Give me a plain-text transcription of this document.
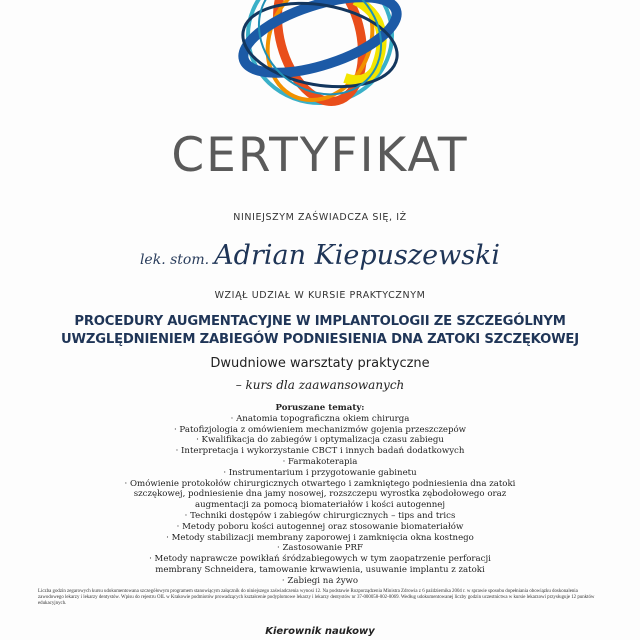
CERTYFIKAT
NINIEJSZYM ZAŚWIADCZA SIĘ, IŻ
lek. stom. Adrian Kiepuszewski
WZIĄŁ UDZIAŁ W KURSIE PRAKTYCZNYM
PROCEDURY AUGMENTACYJNE W IMPLANTOLOGII ZE SZCZEGÓLNYM
UWZGLĘDNIENIEM ZABIEGÓW PODNIESIENIA DNA ZATOKI SZCZĘKOWEJ
Dwudniowe warsztaty praktyczne
– kurs dla zaawansowanych
Poruszane tematy:
· Anatomia topograficzna okiem chirurga
· Patofizjologia z omówieniem mechanizmów gojenia przeszczepów
· Kwalifikacja do zabiegów i optymalizacja czasu zabiegu
· Interpretacja i wykorzystanie CBCT i innych badań dodatkowych
· Farmakoterapia
· Instrumentarium i przygotowanie gabinetu
· Omówienie protokołów chirurgicznych otwartego i zamkniętego podniesienia dna zatoki
szczękowej, podniesienie dna jamy nosowej, rozszczepu wyrostka zębodołowego oraz
augmentacji za pomocą biomateriałów i kości autogennej
· Techniki dostępów i zabiegów chirurgicznych – tips and trics
· Metody poboru kości autogennej oraz stosowanie biomateriałów
· Metody stabilizacji membrany zaporowej i zamknięcia okna kostnego
· Zastosowanie PRF
· Metody naprawcze powikłań śródzabiegowych w tym zaopatrzenie perforacji
membrany Schneidera, tamowanie krwawienia, usuwanie implantu z zatoki
· Zabiegi na żywo
Liczba godzin zegarowych kursu udokumentowana szczegółowym programem stanowiącym załącznik do niniejszego zaświadczenia wynosi 12. Na podstawie Rozporządzenia Ministra Zdrowia z 6 października 2004 r. w sprawie sposobu dopełniania obowiązku doskonalenia zawodowego lekarzy i lekarzy dentystów. Wpisu do rejestru OIL w Krakowie podmiotów prowadzących kształcenie podyplomowe lekarzy i lekarzy dentystów nr 37-000058-002-0069. Według udokumentowanej liczby godzin uczestnictwa w kursie lekarzowi przysługuje 12 punktów edukacyjnych.
Kierownik naukowy
